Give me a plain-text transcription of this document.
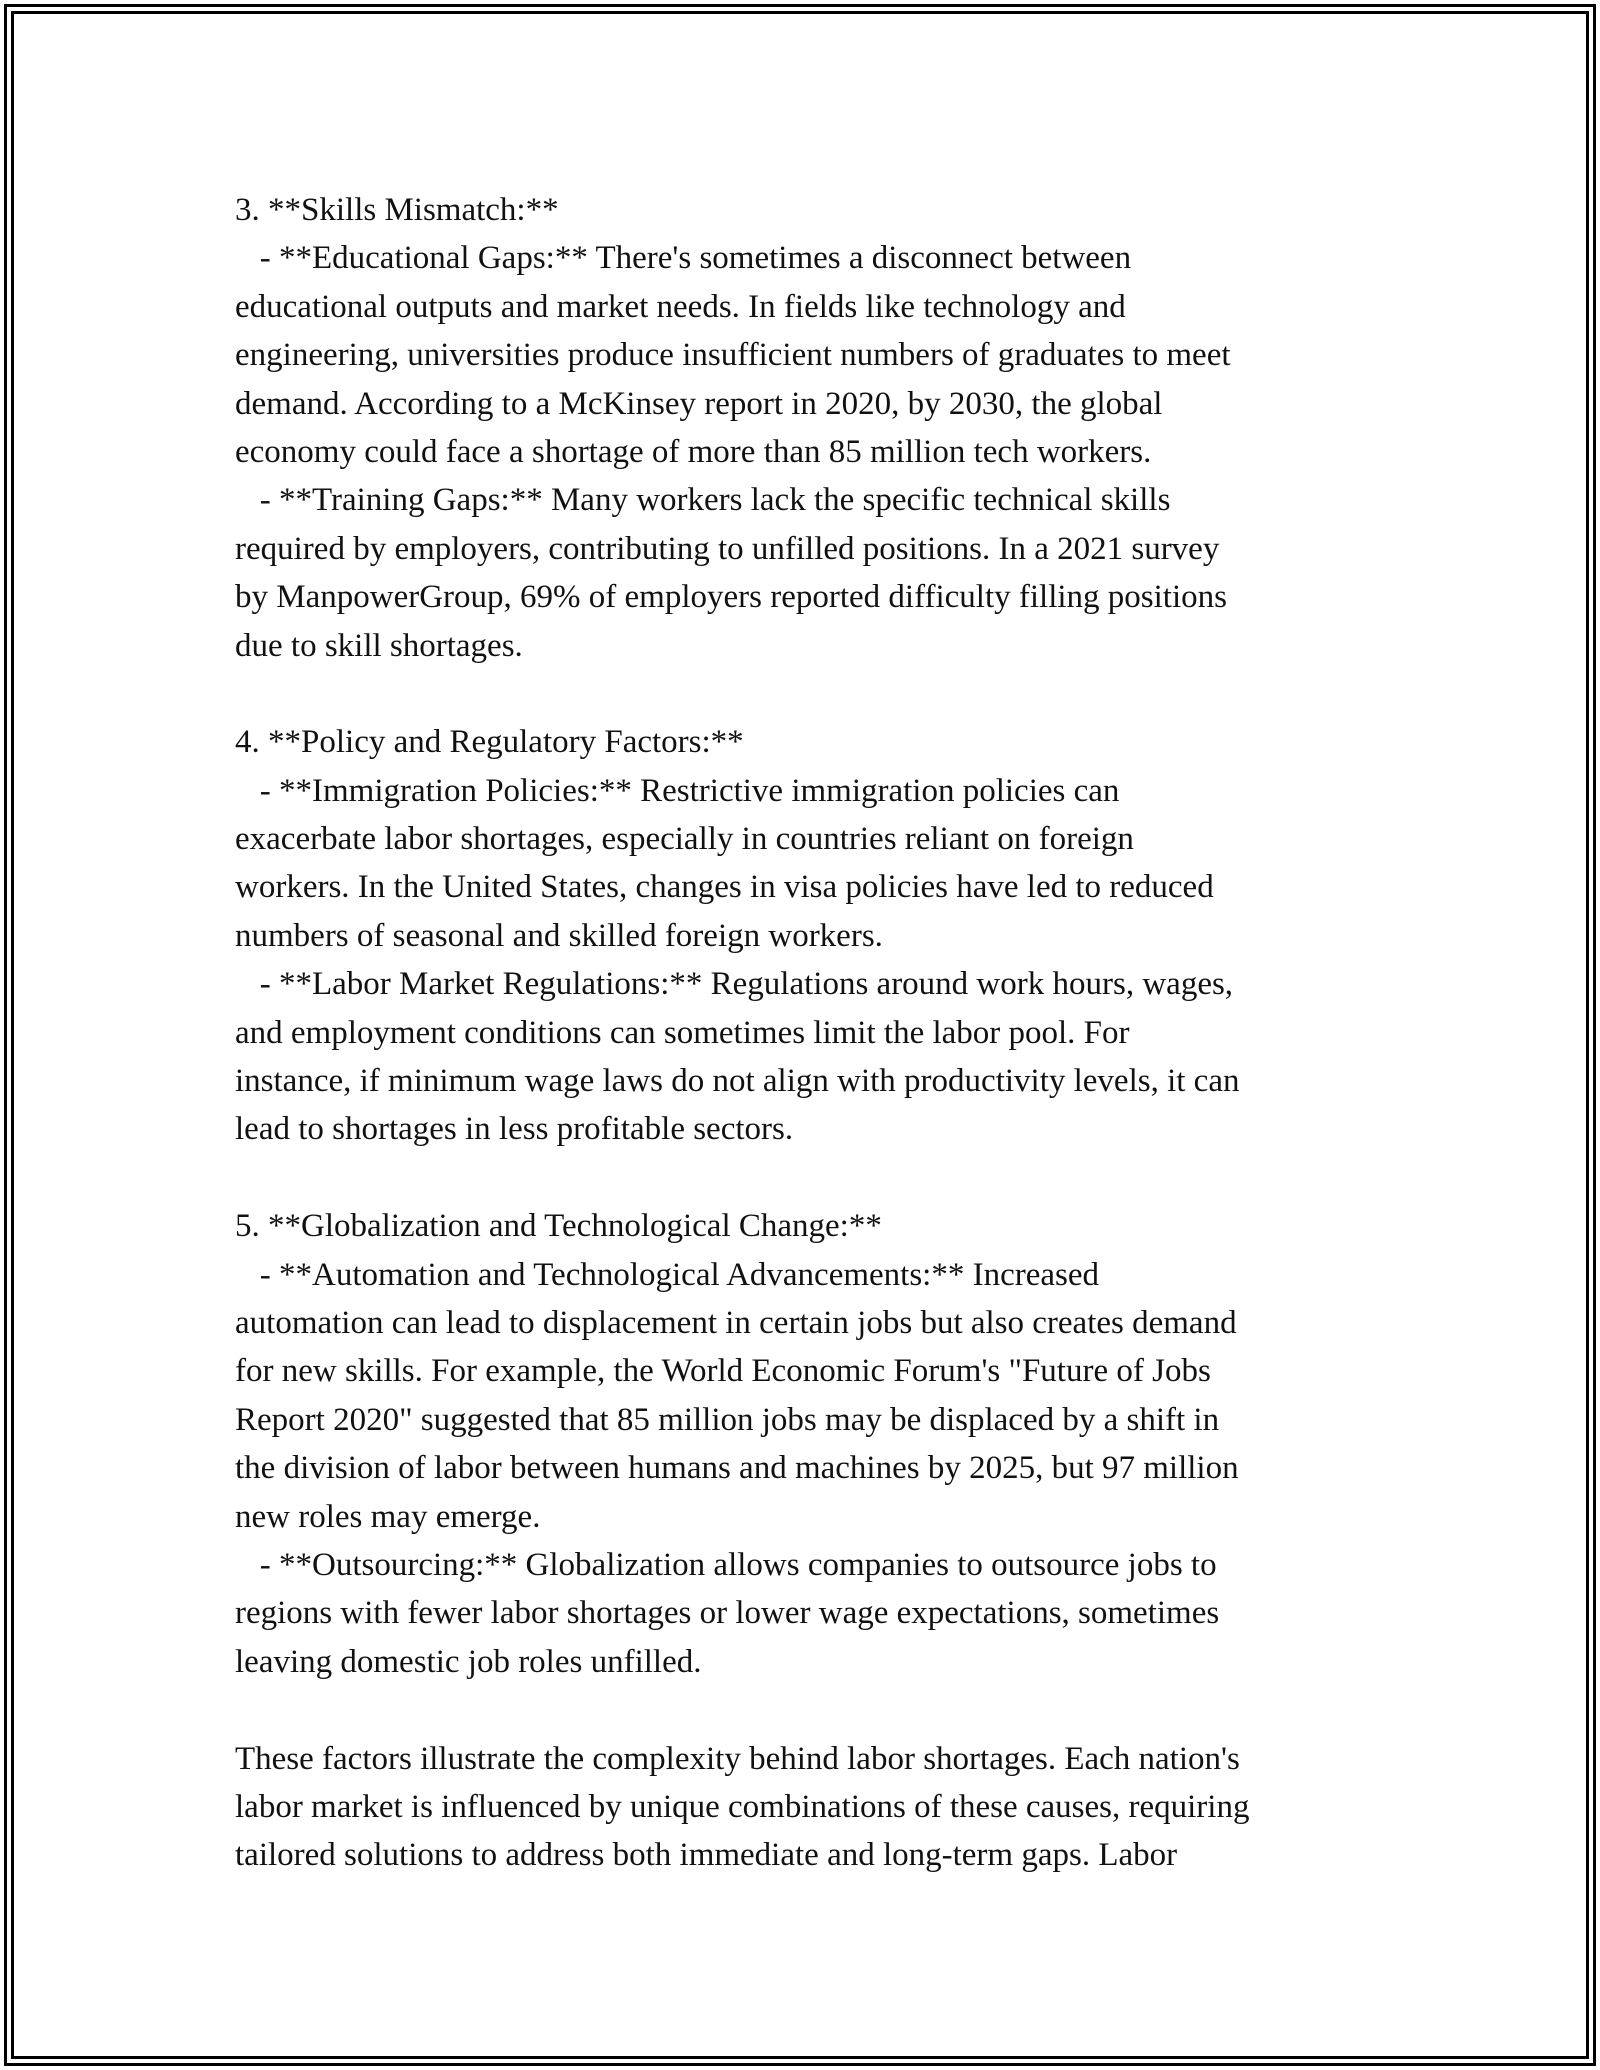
3. **Skills Mismatch:**
- **Educational Gaps:** There's sometimes a disconnect between
educational outputs and market needs. In fields like technology and
engineering, universities produce insufficient numbers of graduates to meet
demand. According to a McKinsey report in 2020, by 2030, the global
economy could face a shortage of more than 85 million tech workers.
- **Training Gaps:** Many workers lack the specific technical skills
required by employers, contributing to unfilled positions. In a 2021 survey
by ManpowerGroup, 69% of employers reported difficulty filling positions
due to skill shortages.
4. **Policy and Regulatory Factors:**
- **Immigration Policies:** Restrictive immigration policies can
exacerbate labor shortages, especially in countries reliant on foreign
workers. In the United States, changes in visa policies have led to reduced
numbers of seasonal and skilled foreign workers.
- **Labor Market Regulations:** Regulations around work hours, wages,
and employment conditions can sometimes limit the labor pool. For
instance, if minimum wage laws do not align with productivity levels, it can
lead to shortages in less profitable sectors.
5. **Globalization and Technological Change:**
- **Automation and Technological Advancements:** Increased
automation can lead to displacement in certain jobs but also creates demand
for new skills. For example, the World Economic Forum's "Future of Jobs
Report 2020" suggested that 85 million jobs may be displaced by a shift in
the division of labor between humans and machines by 2025, but 97 million
new roles may emerge.
- **Outsourcing:** Globalization allows companies to outsource jobs to
regions with fewer labor shortages or lower wage expectations, sometimes
leaving domestic job roles unfilled.
These factors illustrate the complexity behind labor shortages. Each nation's
labor market is influenced by unique combinations of these causes, requiring
tailored solutions to address both immediate and long-term gaps. Labor
